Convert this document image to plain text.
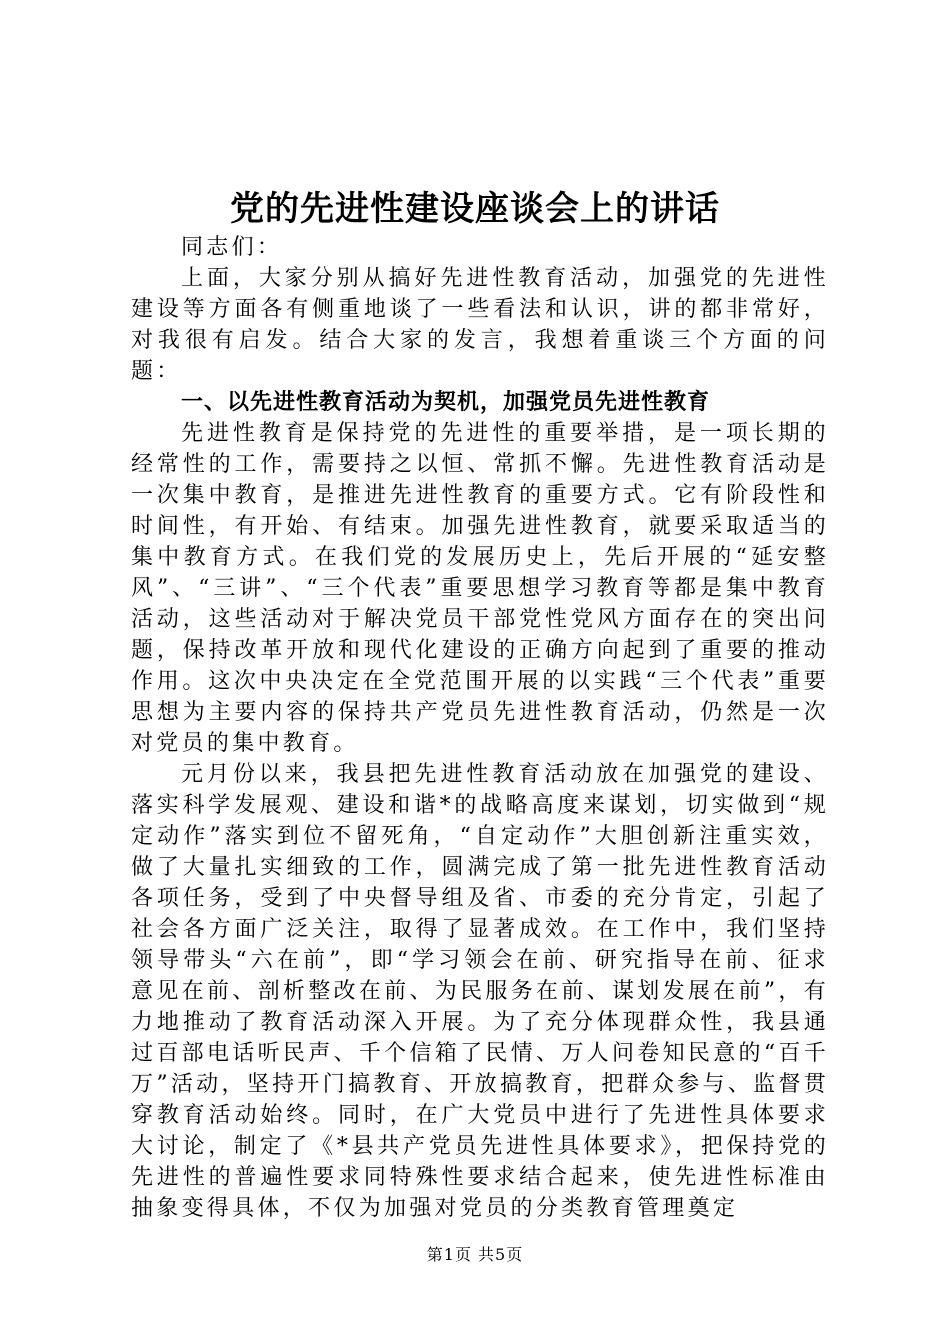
党的先进性建设座谈会上的讲话

同志们：

上面，大家分别从搞好先进性教育活动，加强党的先进性建设等方面各有侧重地谈了一些看法和认识，讲的都非常好，对我很有启发。结合大家的发言，我想着重谈三个方面的问题：

一、以先进性教育活动为契机，加强党员先进性教育

先进性教育是保持党的先进性的重要举措，是一项长期的经常性的工作，需要持之以恒、常抓不懈。先进性教育活动是一次集中教育，是推进先进性教育的重要方式。它有阶段性和时间性，有开始、有结束。加强先进性教育，就要采取适当的集中教育方式。在我们党的发展历史上，先后开展的“延安整风”、“三讲”、“三个代表”重要思想学习教育等都是集中教育活动，这些活动对于解决党员干部党性党风方面存在的突出问题，保持改革开放和现代化建设的正确方向起到了重要的推动作用。这次中央决定在全党范围开展的以实践“三个代表”重要思想为主要内容的保持共产党员先进性教育活动，仍然是一次对党员的集中教育。

元月份以来，我县把先进性教育活动放在加强党的建设、落实科学发展观、建设和谐*的战略高度来谋划，切实做到“规定动作”落实到位不留死角，“自定动作”大胆创新注重实效，做了大量扎实细致的工作，圆满完成了第一批先进性教育活动各项任务，受到了中央督导组及省、市委的充分肯定，引起了社会各方面广泛关注，取得了显著成效。在工作中，我们坚持领导带头“六在前”，即“学习领会在前、研究指导在前、征求意见在前、剖析整改在前、为民服务在前、谋划发展在前”，有力地推动了教育活动深入开展。为了充分体现群众性，我县通过百部电话听民声、千个信箱了民情、万人问卷知民意的“百千万”活动，坚持开门搞教育、开放搞教育，把群众参与、监督贯穿教育活动始终。同时，在广大党员中进行了先进性具体要求大讨论，制定了《*县共产党员先进性具体要求》，把保持党的先进性的普遍性要求同特殊性要求结合起来，使先进性标准由抽象变得具体，不仅为加强对党员的分类教育管理奠定

第1页 共5页
